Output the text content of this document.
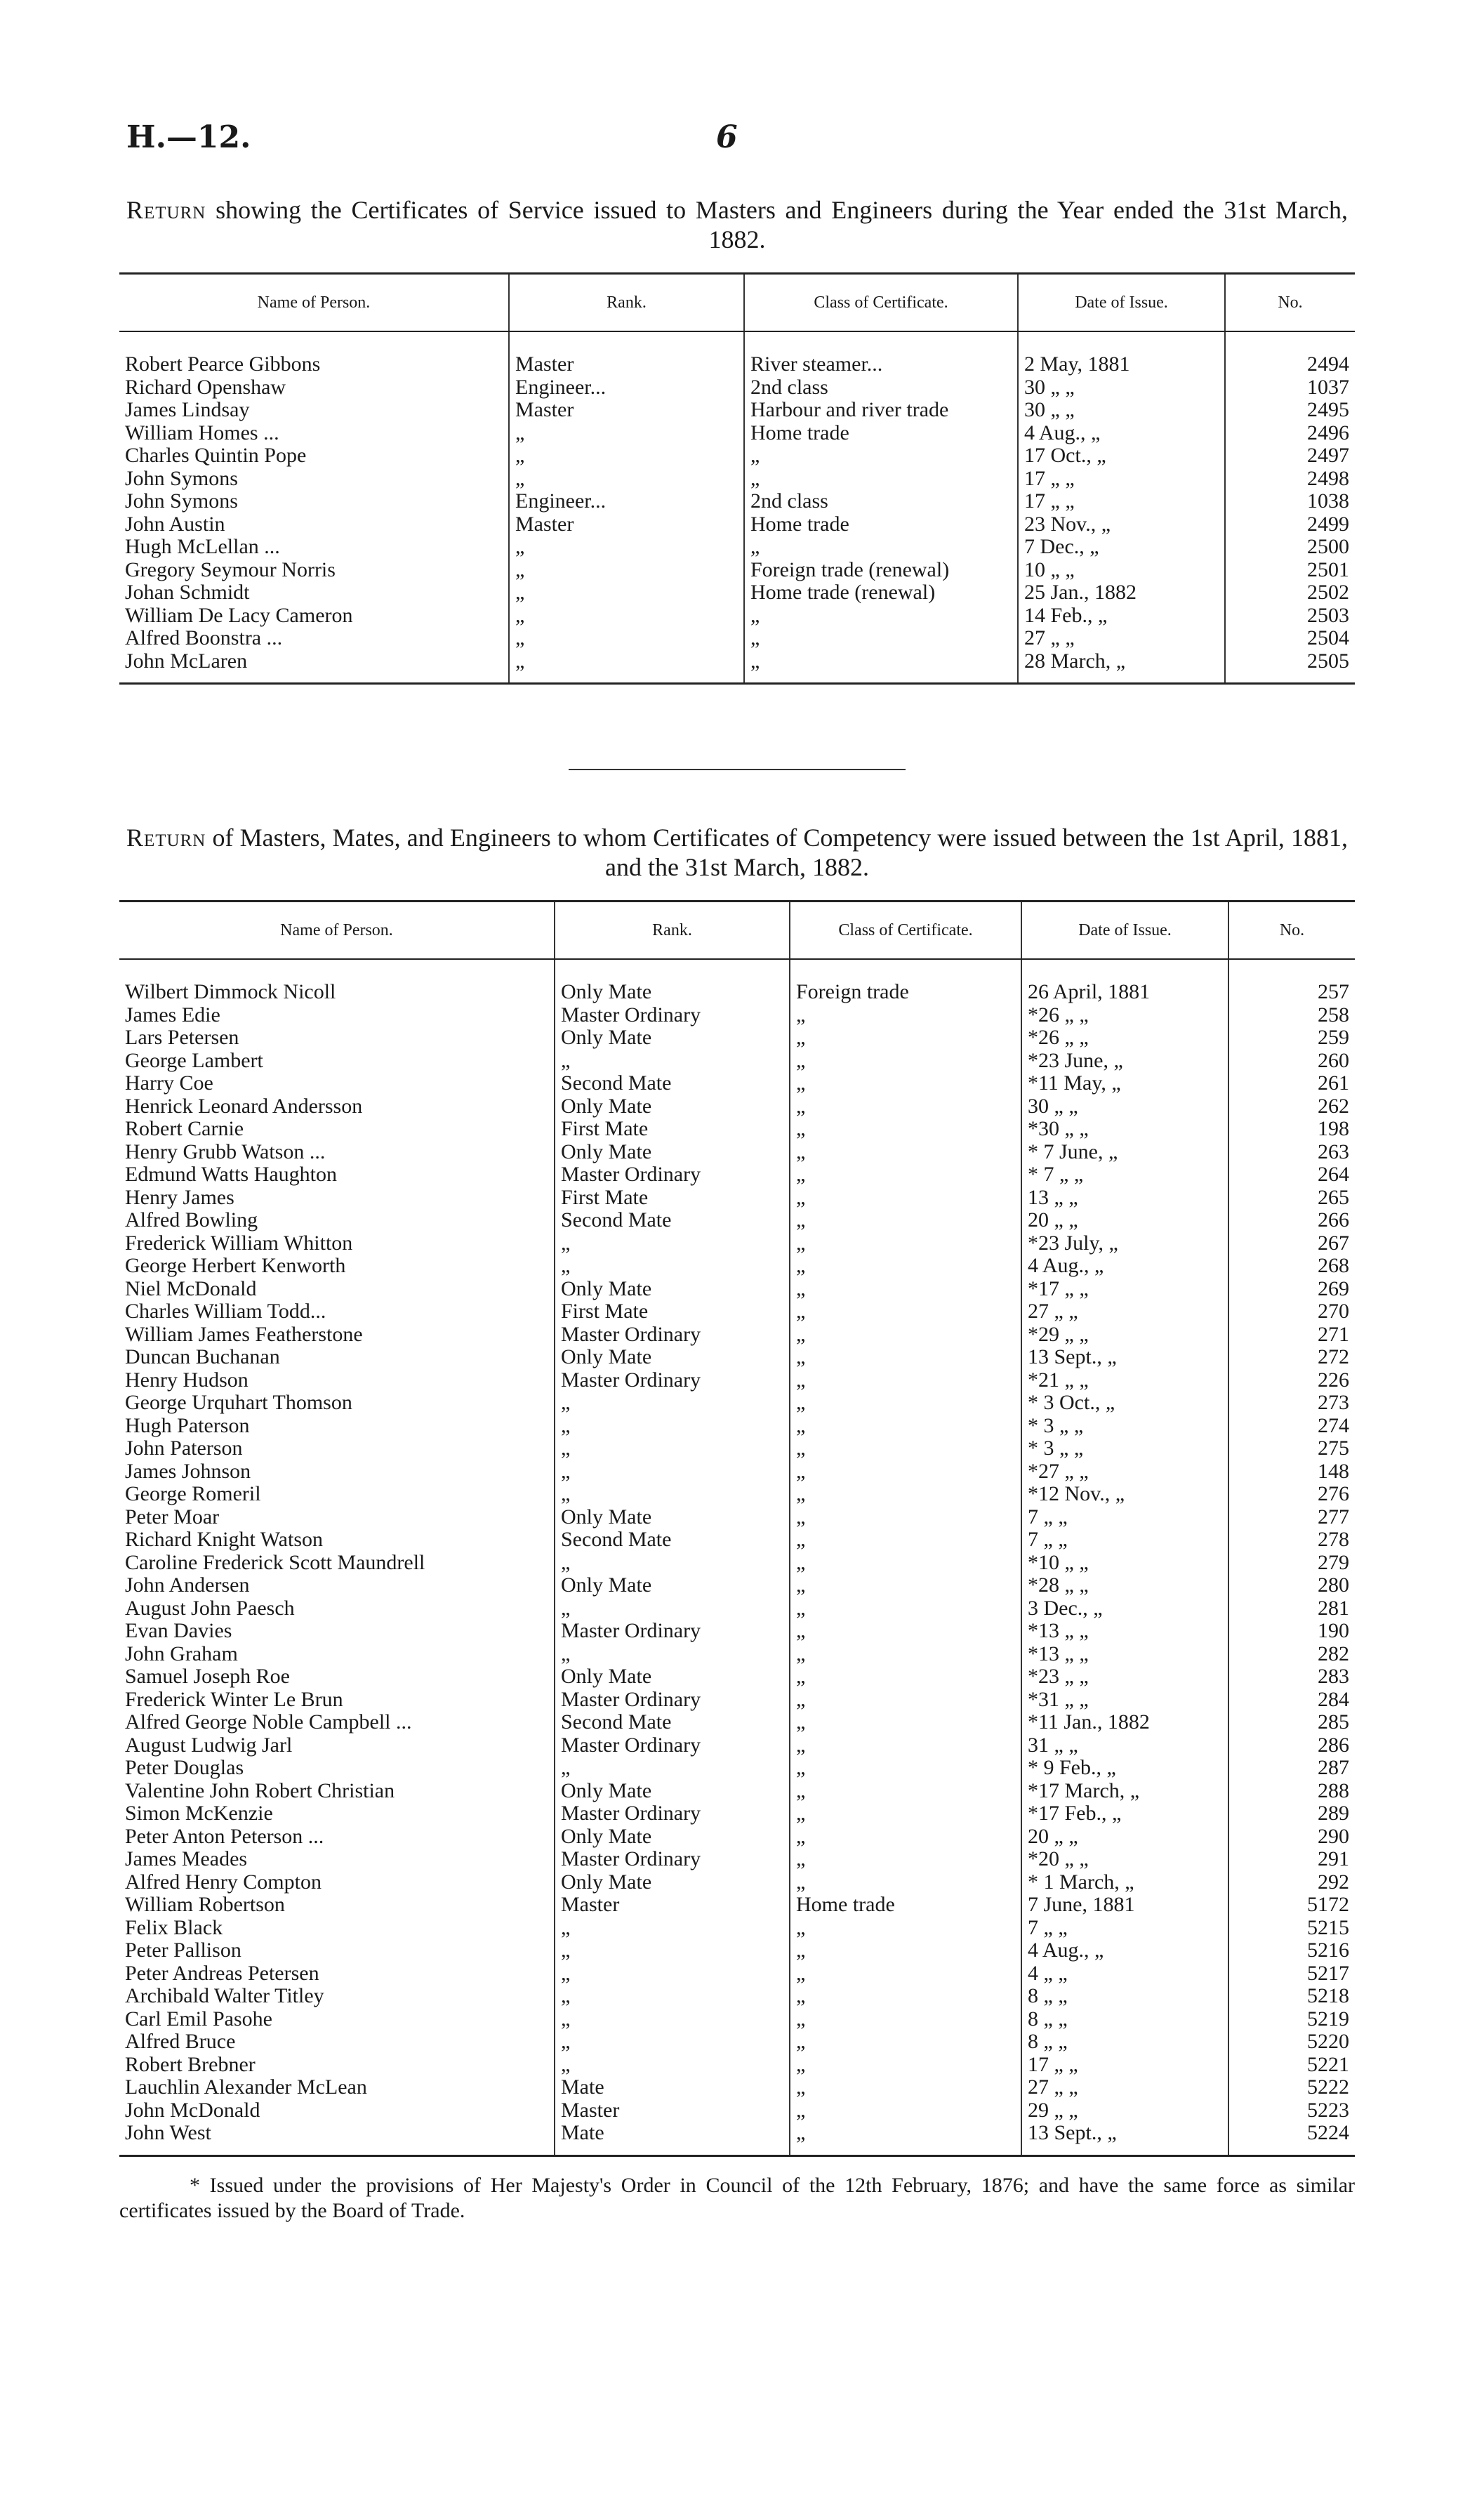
H.—12.	6
Return showing the Certificates of Service issued to Masters and Engineers during the Year ended the 31st March, 1882.
Name of Person.	Rank.	Class of Certificate.	Date of Issue.	No.

Robert Pearce Gibbons	Master	River steamer...	2 May, 1881	2494
Richard Openshaw	Engineer...	2nd class	30 „ „	1037
James Lindsay	Master	Harbour and river trade	30 „ „	2495
William Homes ...	„	Home trade	4 Aug., „	2496
Charles Quintin Pope	„	„	17 Oct., „	2497
John Symons	„	„	17 „ „	2498
John Symons	Engineer...	2nd class	17 „ „	1038
John Austin	Master	Home trade	23 Nov., „	2499
Hugh McLellan ...	„	„	7 Dec., „	2500
Gregory Seymour Norris	„	Foreign trade (renewal)	10 „ „	2501
Johan Schmidt	„	Home trade (renewal)	25 Jan., 1882	2502
William De Lacy Cameron	„	„	14 Feb., „	2503
Alfred Boonstra ...	„	„	27 „ „	2504
John McLaren	„	„	28 March, „	2505

Return of Masters, Mates, and Engineers to whom Certificates of Competency were issued between the 1st April, 1881, and the 31st March, 1882.
Name of Person.	Rank.	Class of Certificate.	Date of Issue.	No.

Wilbert Dimmock Nicoll	Only Mate	Foreign trade	26 April, 1881	257
James Edie	Master Ordinary	„	*26 „ „	258
Lars Petersen	Only Mate	„	*26 „ „	259
George Lambert	„	„	*23 June, „	260
Harry Coe	Second Mate	„	*11 May, „	261
Henrick Leonard Andersson	Only Mate	„	30 „ „	262
Robert Carnie	First Mate	„	*30 „ „	198
Henry Grubb Watson ...	Only Mate	„	* 7 June, „	263
Edmund Watts Haughton	Master Ordinary	„	* 7 „ „	264
Henry James	First Mate	„	13 „ „	265
Alfred Bowling	Second Mate	„	20 „ „	266
Frederick William Whitton	„	„	*23 July, „	267
George Herbert Kenworth	„	„	4 Aug., „	268
Niel McDonald	Only Mate	„	*17 „ „	269
Charles William Todd...	First Mate	„	27 „ „	270
William James Featherstone	Master Ordinary	„	*29 „ „	271
Duncan Buchanan	Only Mate	„	13 Sept., „	272
Henry Hudson	Master Ordinary	„	*21 „ „	226
George Urquhart Thomson	„	„	* 3 Oct., „	273
Hugh Paterson	„	„	* 3 „ „	274
John Paterson	„	„	* 3 „ „	275
James Johnson	„	„	*27 „ „	148
George Romeril	„	„	*12 Nov., „	276
Peter Moar	Only Mate	„	7 „ „	277
Richard Knight Watson	Second Mate	„	7 „ „	278
Caroline Frederick Scott Maundrell	„	„	*10 „ „	279
John Andersen	Only Mate	„	*28 „ „	280
August John Paesch	„	„	3 Dec., „	281
Evan Davies	Master Ordinary	„	*13 „ „	190
John Graham	„	„	*13 „ „	282
Samuel Joseph Roe	Only Mate	„	*23 „ „	283
Frederick Winter Le Brun	Master Ordinary	„	*31 „ „	284
Alfred George Noble Campbell ...	Second Mate	„	*11 Jan., 1882	285
August Ludwig Jarl	Master Ordinary	„	31 „ „	286
Peter Douglas	„	„	* 9 Feb., „	287
Valentine John Robert Christian	Only Mate	„	*17 March, „	288
Simon McKenzie	Master Ordinary	„	*17 Feb., „	289
Peter Anton Peterson ...	Only Mate	„	20 „ „	290
James Meades	Master Ordinary	„	*20 „ „	291
Alfred Henry Compton	Only Mate	„	* 1 March, „	292
William Robertson	Master	Home trade	7 June, 1881	5172
Felix Black	„	„	7 „ „	5215
Peter Pallison	„	„	4 Aug., „	5216
Peter Andreas Petersen	„	„	4 „ „	5217
Archibald Walter Titley	„	„	8 „ „	5218
Carl Emil Pasohe	„	„	8 „ „	5219
Alfred Bruce	„	„	8 „ „	5220
Robert Brebner	„	„	17 „ „	5221
Lauchlin Alexander McLean	Mate	„	27 „ „	5222
John McDonald	Master	„	29 „ „	5223
John West	Mate	„	13 Sept., „	5224

* Issued under the provisions of Her Majesty's Order in Council of the 12th February, 1876; and have the same force as similar certificates issued by the Board of Trade.
